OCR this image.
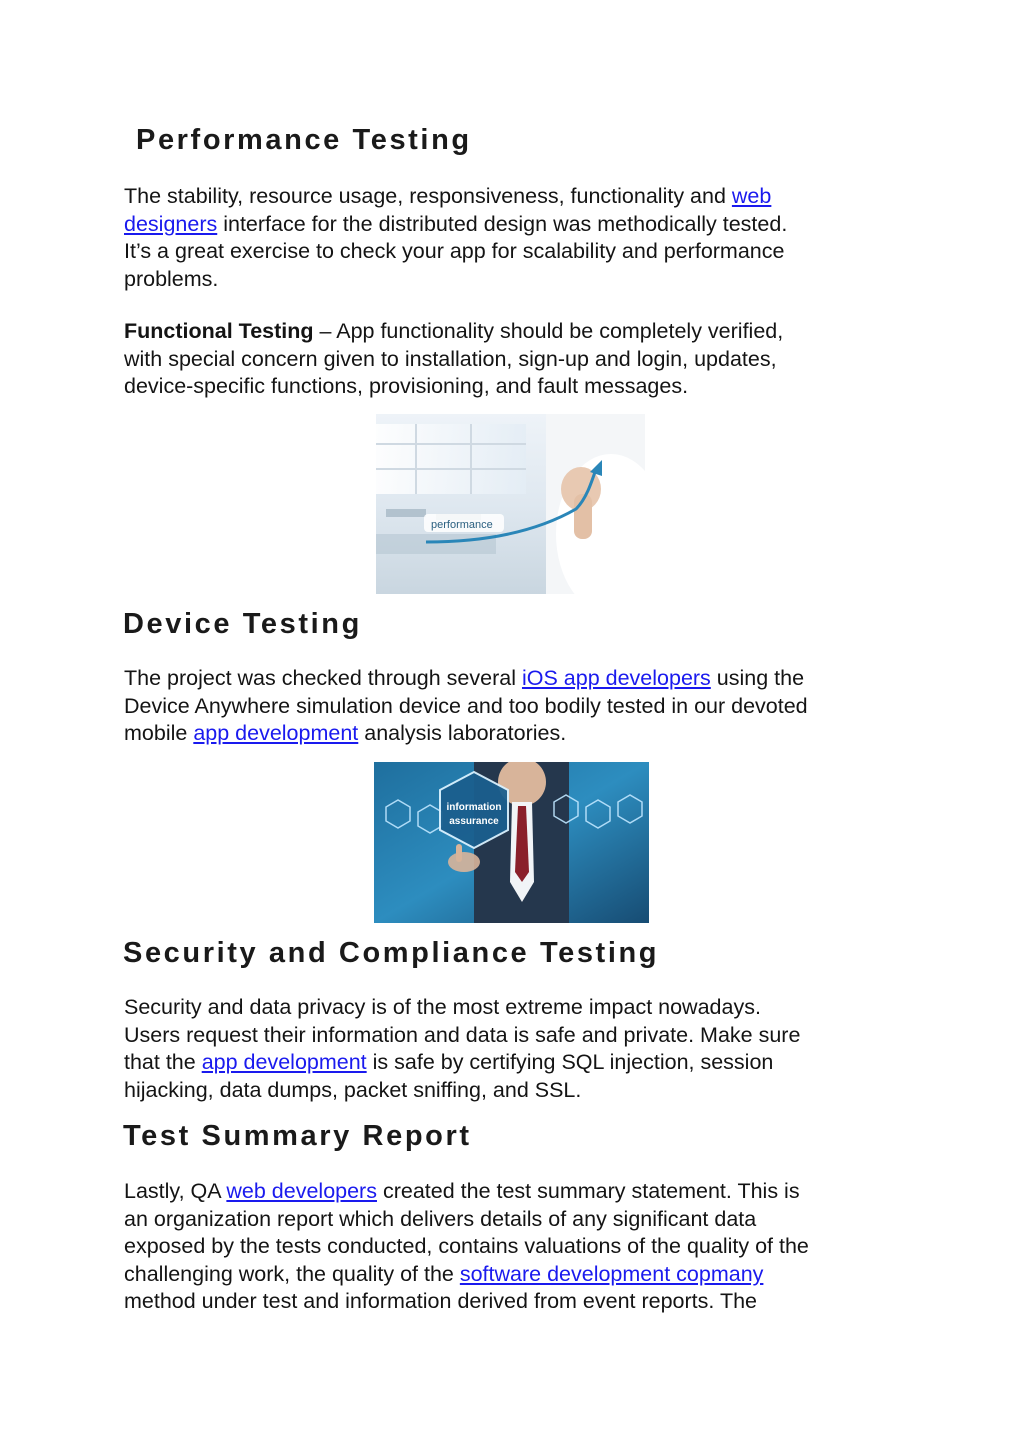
Performance Testing

The stability, resource usage, responsiveness, functionality and web
designers interface for the distributed design was methodically tested.
It’s a great exercise to check your app for scalability and performance
problems.

Functional Testing – App functionality should be completely verified,
with special concern given to installation, sign-up and login, updates,
device-specific functions, provisioning, and fault messages.

performance
Device Testing

The project was checked through several iOS app developers using the
Device Anywhere simulation device and too bodily tested in our devoted
mobile app development analysis laboratories.

information
assurance
Security and Compliance Testing

Security and data privacy is of the most extreme impact nowadays.
Users request their information and data is safe and private. Make sure
that the app development is safe by certifying SQL injection, session
hijacking, data dumps, packet sniffing, and SSL.

Test Summary Report

Lastly, QA web developers created the test summary statement. This is
an organization report which delivers details of any significant data
exposed by the tests conducted, contains valuations of the quality of the
challenging work, the quality of the software development copmany
method under test and information derived from event reports. The
